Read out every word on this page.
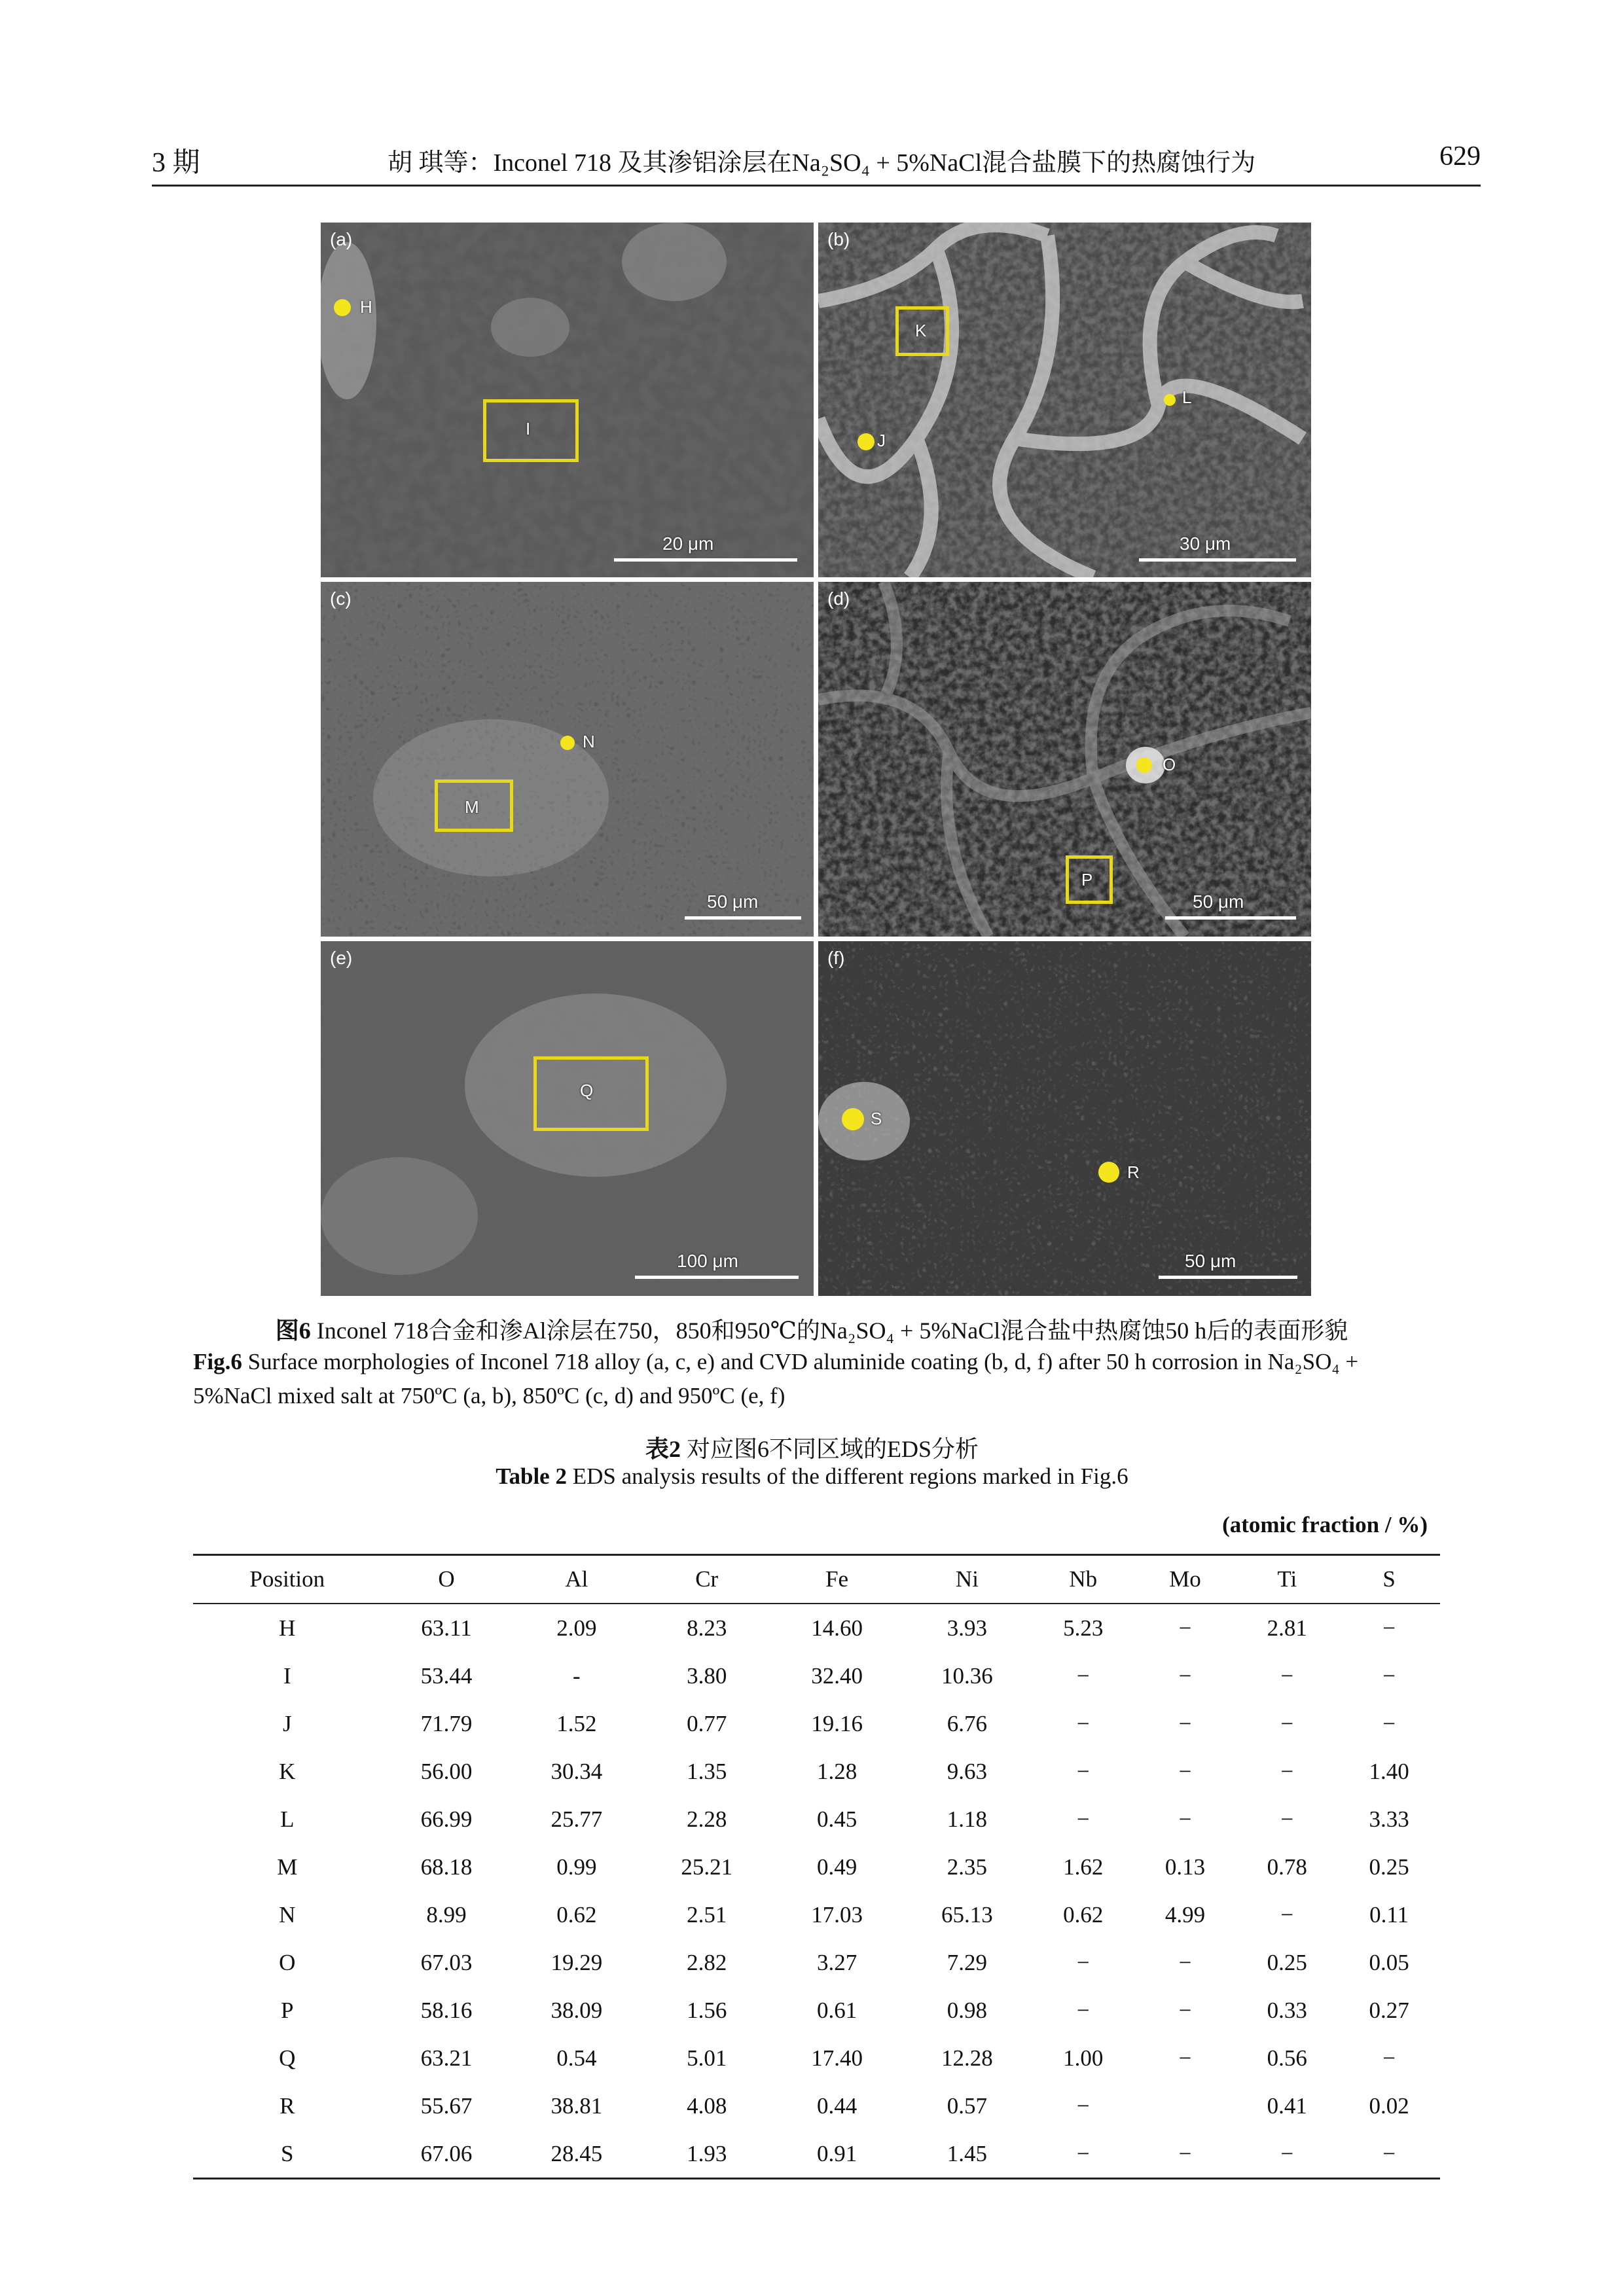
3 期	胡 琪等：Inconel 718 及其渗铝涂层在Na₂SO₄ + 5%NaCl混合盐膜下的热腐蚀行为	629
(a)
H
I
20 μm
(b)
K
L
J
30 μm
(c)
N
M
50 μm
(d)
O
P
50 μm
(e)
Q
100 μm
(f)
S
R
50 μm
图6 Inconel 718合金和渗Al涂层在750，850和950℃的Na₂SO₄ + 5%NaCl混合盐中热腐蚀50 h后的表面形貌
Fig.6 Surface morphologies of Inconel 718 alloy (a, c, e) and CVD aluminide coating (b, d, f) after 50 h corrosion in Na₂SO₄ + 5%NaCl mixed salt at 750ºC (a, b), 850ºC (c, d) and 950ºC (e, f)
表2 对应图6不同区域的EDS分析
Table 2 EDS analysis results of the different regions marked in Fig.6
(atomic fraction / %)
Position	O	Al	Cr	Fe	Ni	Nb	Mo	Ti	S
H	63.11	2.09	8.23	14.60	3.93	5.23	−	2.81	−
I	53.44	-	3.80	32.40	10.36	−	−	−	−
J	71.79	1.52	0.77	19.16	6.76	−	−	−	−
K	56.00	30.34	1.35	1.28	9.63	−	−	−	1.40
L	66.99	25.77	2.28	0.45	1.18	−	−	−	3.33
M	68.18	0.99	25.21	0.49	2.35	1.62	0.13	0.78	0.25
N	8.99	0.62	2.51	17.03	65.13	0.62	4.99	−	0.11
O	67.03	19.29	2.82	3.27	7.29	−	−	0.25	0.05
P	58.16	38.09	1.56	0.61	0.98	−	−	0.33	0.27
Q	63.21	0.54	5.01	17.40	12.28	1.00	−	0.56	−
R	55.67	38.81	4.08	0.44	0.57	−		0.41	0.02
S	67.06	28.45	1.93	0.91	1.45	−	−	−	−
